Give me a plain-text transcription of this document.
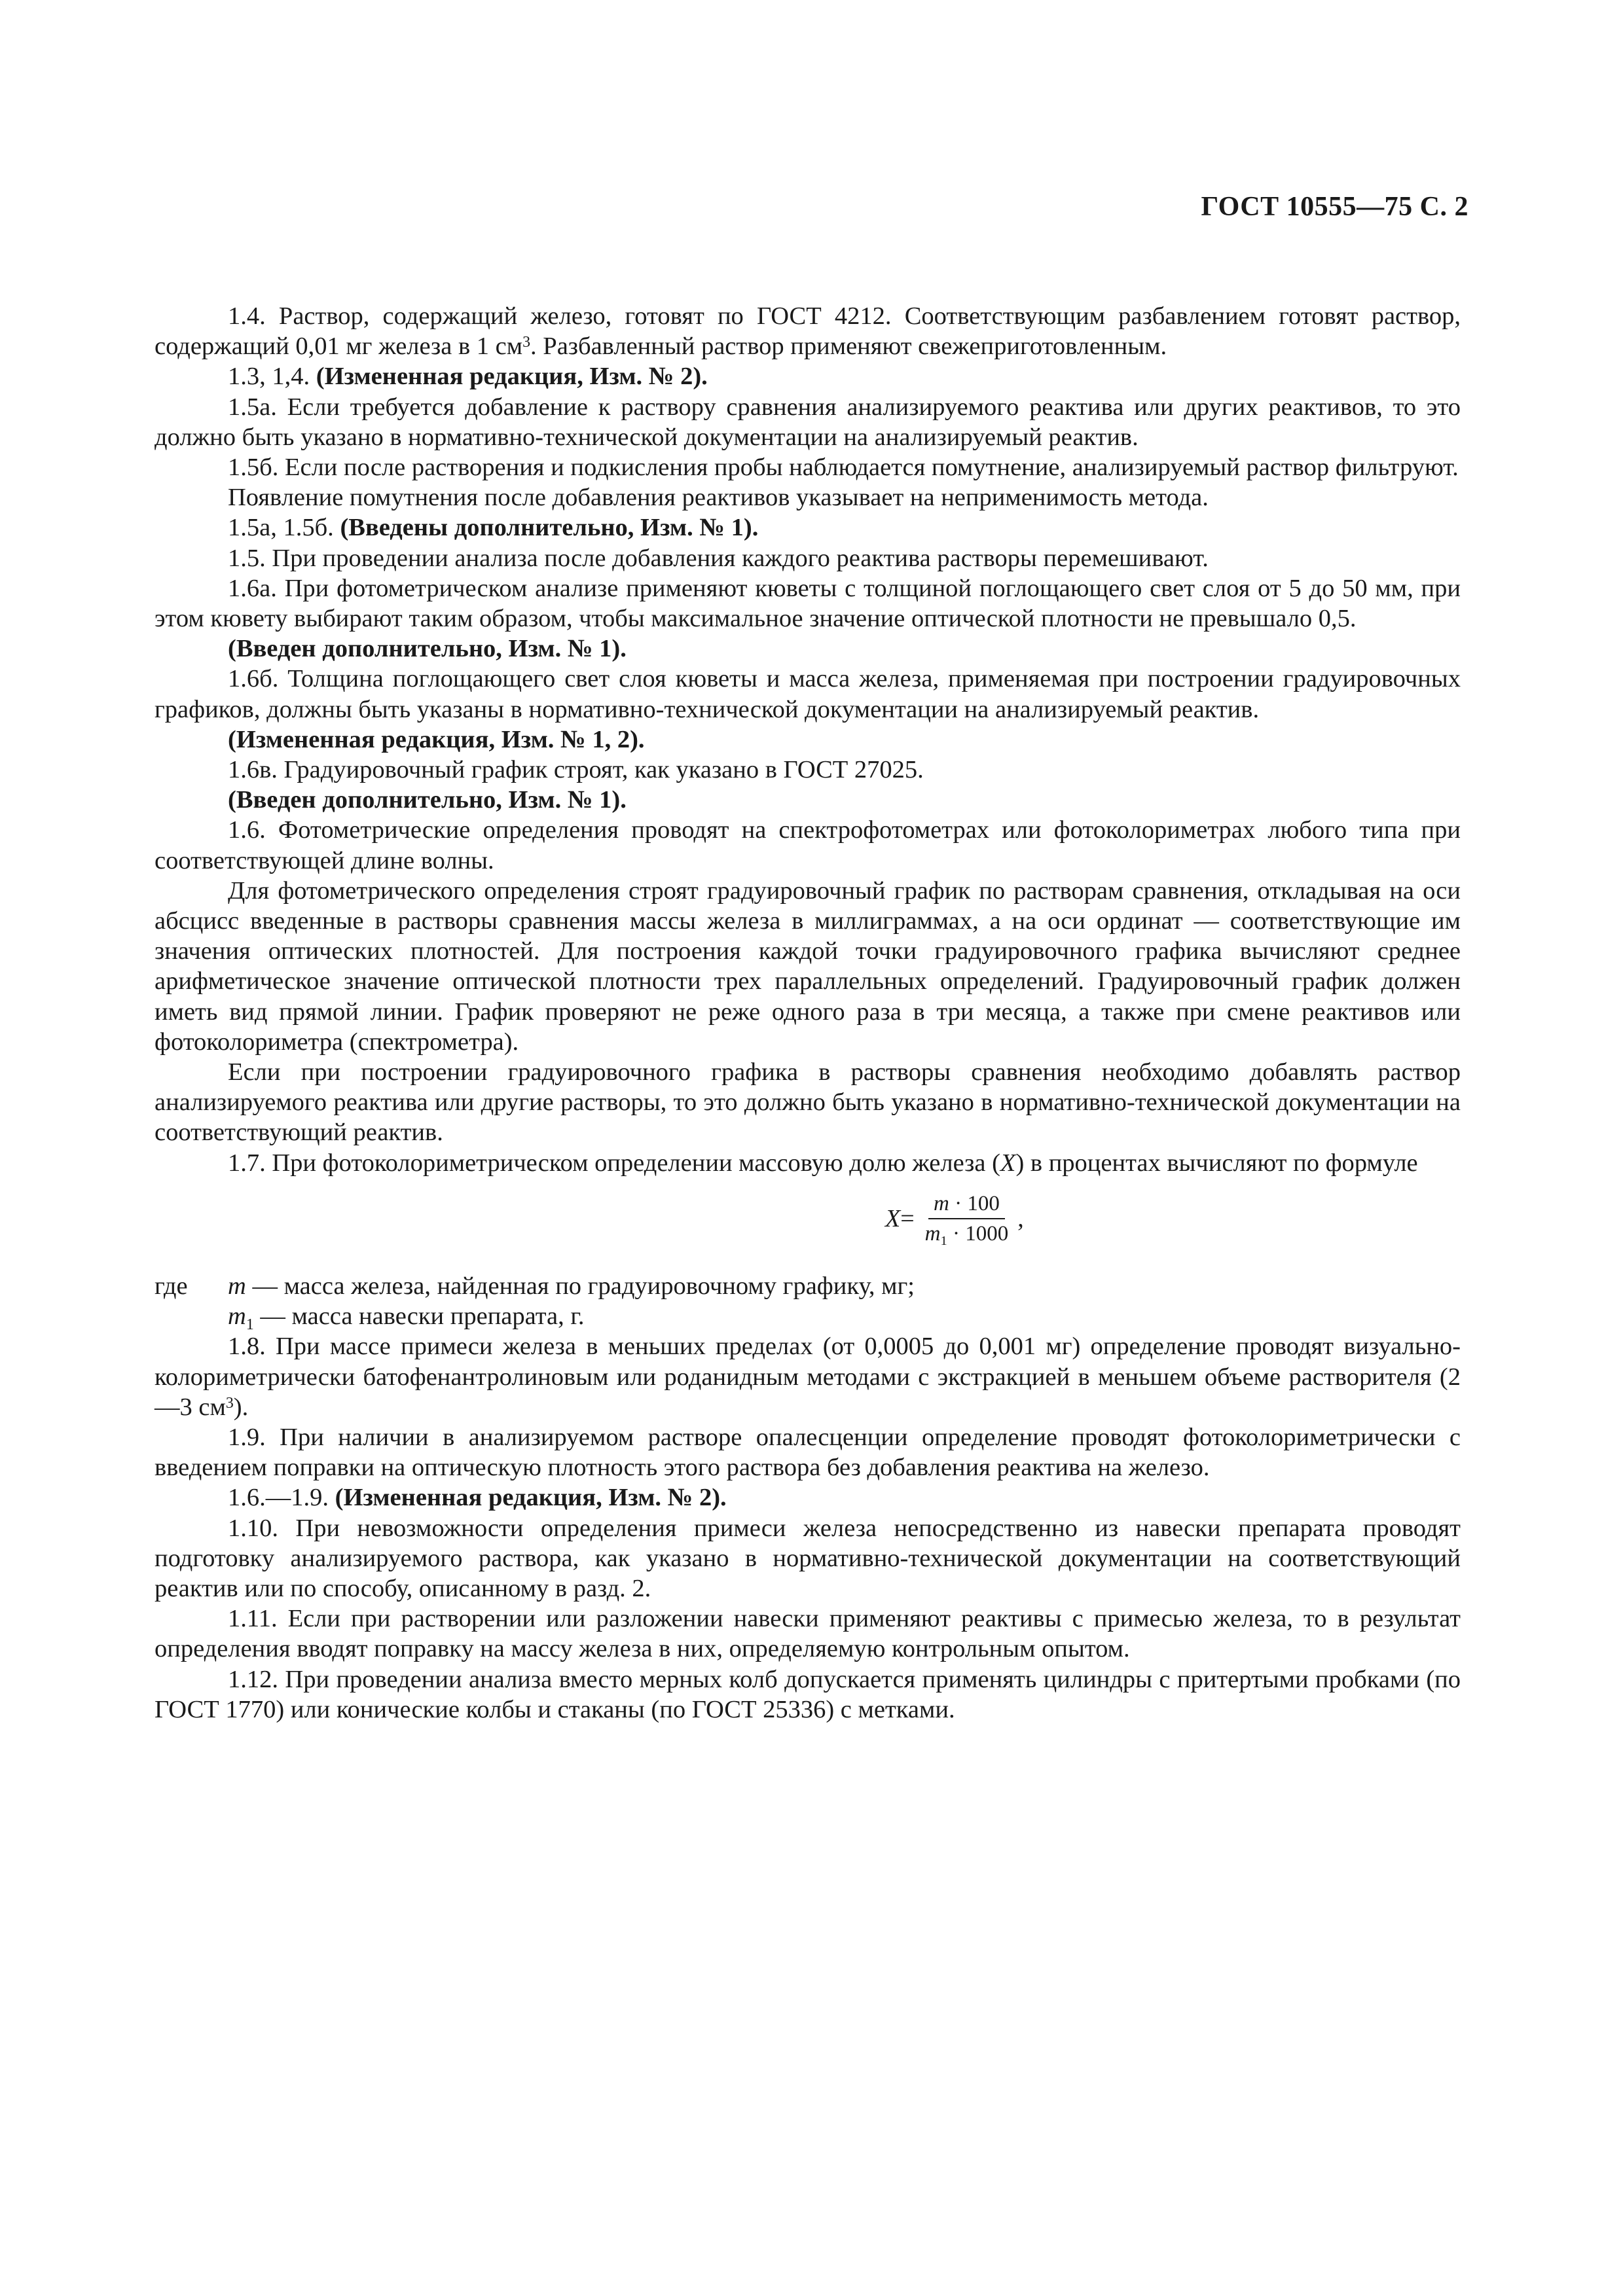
ГОСТ 10555—75 С. 2

1.4. Раствор, содержащий железо, готовят по ГОСТ 4212. Соответствующим разбавлением готовят раствор, содержащий 0,01 мг железа в 1 $см^3$. Разбавленный раствор применяют свежеприготовленным.

1.3, 1,4. (Измененная редакция, Изм. № 2).

1.5а. Если требуется добавление к раствору сравнения анализируемого реактива или других реактивов, то это должно быть указано в нормативно-технической документации на анализируемый реактив.

1.5б. Если после растворения и подкисления пробы наблюдается помутнение, анализируемый раствор фильтруют.

Появление помутнения после добавления реактивов указывает на неприменимость метода.

1.5а, 1.5б. (Введены дополнительно, Изм. № 1).

1.5. При проведении анализа после добавления каждого реактива растворы перемешивают.

1.6а. При фотометрическом анализе применяют кюветы с толщиной поглощающего свет слоя от 5 до 50 мм, при этом кювету выбирают таким образом, чтобы максимальное значение оптической плотности не превышало 0,5.

(Введен дополнительно, Изм. № 1).

1.6б. Толщина поглощающего свет слоя кюветы и масса железа, применяемая при построении градуировочных графиков, должны быть указаны в нормативно-технической документации на анализируемый реактив.

(Измененная редакция, Изм. № 1, 2).

1.6в. Градуировочный график строят, как указано в ГОСТ 27025.

(Введен дополнительно, Изм. № 1).

1.6. Фотометрические определения проводят на спектрофотометрах или фотоколориметрах любого типа при соответствующей длине волны.

Для фотометрического определения строят градуировочный график по растворам сравнения, откладывая на оси абсцисс введенные в растворы сравнения массы железа в миллиграммах, а на оси ординат — соответствующие им значения оптических плотностей. Для построения каждой точки градуировочного графика вычисляют среднее арифметическое значение оптической плотности трех параллельных определений. Градуировочный график должен иметь вид прямой линии. График проверяют не реже одного раза в три месяца, а также при смене реактивов или фотоколориметра (спектрометра).

Если при построении градуировочного графика в растворы сравнения необходимо добавлять раствор анализируемого реактива или другие растворы, то это должно быть указано в нормативно-технической документации на соответствующий реактив.

1.7. При фотоколориметрическом определении массовую долю железа (X) в процентах вычисляют по формуле

$X = \frac{m \cdot 100}{m_1 \cdot 1000}$ ,
где	m — масса железа, найденная по градуировочному графику, мг;
$m_1$ — масса навески препарата, г.

1.8. При массе примеси железа в меньших пределах (от 0,0005 до 0,001 мг) определение проводят визуально-колориметрически батофенантролиновым или роданидным методами с экстракцией в меньшем объеме растворителя (2—3 $см^3$).

1.9. При наличии в анализируемом растворе опалесценции определение проводят фотоколориметрически с введением поправки на оптическую плотность этого раствора без добавления реактива на железо.

1.6.—1.9. (Измененная редакция, Изм. № 2).

1.10. При невозможности определения примеси железа непосредственно из навески препарата проводят подготовку анализируемого раствора, как указано в нормативно-технической документации на соответствующий реактив или по способу, описанному в разд. 2.

1.11. Если при растворении или разложении навески применяют реактивы с примесью железа, то в результат определения вводят поправку на массу железа в них, определяемую контрольным опытом.

1.12. При проведении анализа вместо мерных колб допускается применять цилиндры с притертыми пробками (по ГОСТ 1770) или конические колбы и стаканы (по ГОСТ 25336) с метками.
